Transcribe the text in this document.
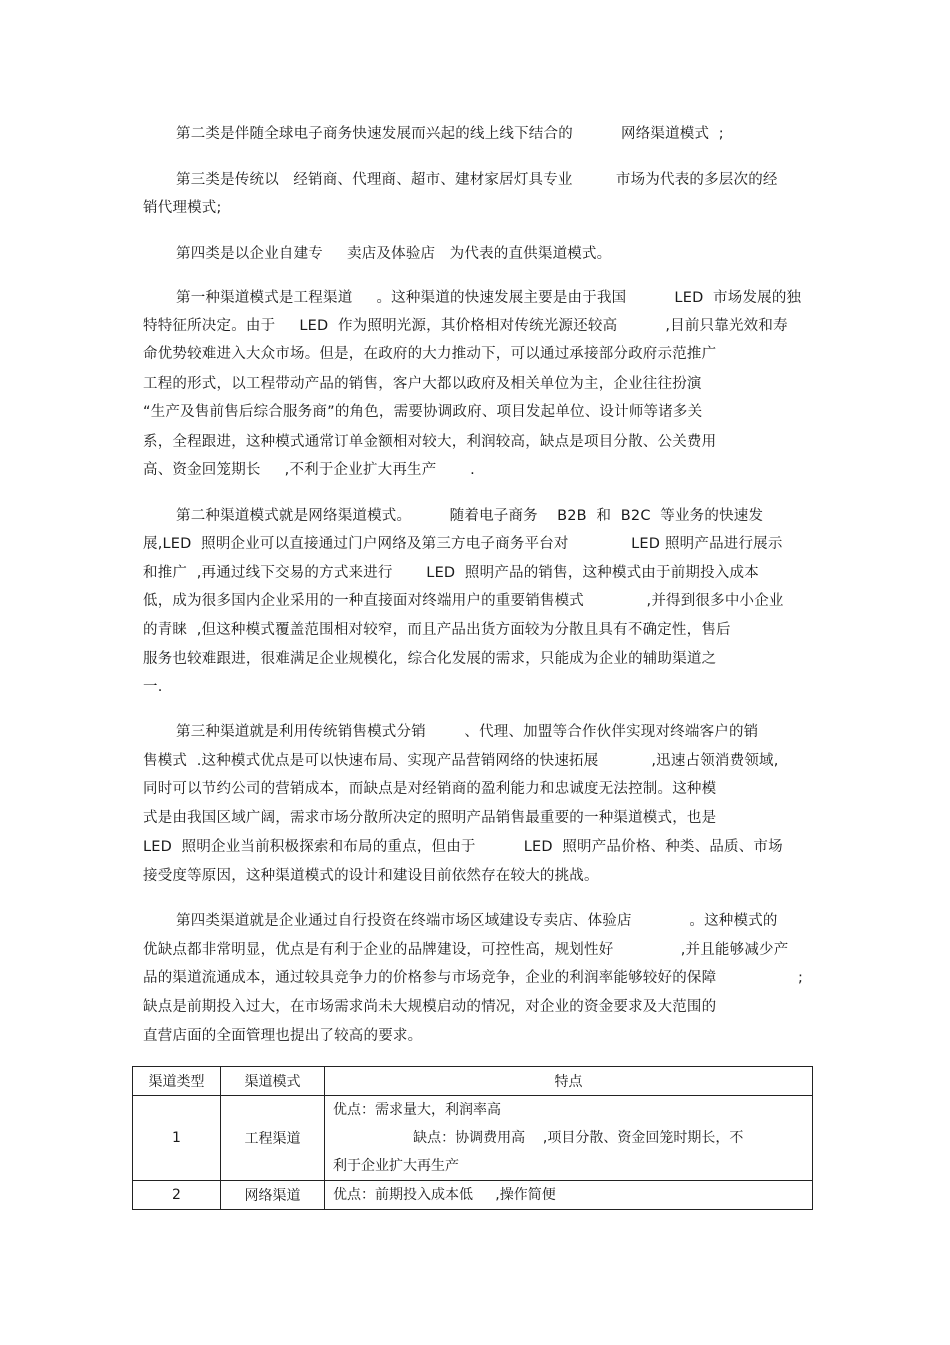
第二类是伴随全球电子商务快速发展而兴起的线上线下结合的          网络渠道模式  ;
第三类是传统以   经销商、代理商、超市、建材家居灯具专业         市场为代表的多层次的经
销代理模式;
第四类是以企业自建专     卖店及体验店   为代表的直供渠道模式。
第一种渠道模式是工程渠道     。这种渠道的快速发展主要是由于我国          LED  市场发展的独
特特征所决定。由于     LED  作为照明光源，其价格相对传统光源还较高          ,目前只靠光效和寿
命优势较难进入大众市场。但是，在政府的大力推动下，可以通过承接部分政府示范推广
工程的形式，以工程带动产品的销售，客户大都以政府及相关单位为主，企业往往扮演
“生产及售前售后综合服务商”的角色，需要协调政府、项目发起单位、设计师等诸多关
系，全程跟进，这种模式通常订单金额相对较大，利润较高，缺点是项目分散、公关费用
高、资金回笼期长     ,不利于企业扩大再生产       .
第二种渠道模式就是网络渠道模式。        随着电子商务    B2B  和  B2C  等业务的快速发
展,LED  照明企业可以直接通过门户网络及第三方电子商务平台对             LED 照明产品进行展示
和推广  ,再通过线下交易的方式来进行       LED  照明产品的销售，这种模式由于前期投入成本
低，成为很多国内企业采用的一种直接面对终端用户的重要销售模式             ,并得到很多中小企业
的青睐  ,但这种模式覆盖范围相对较窄，而且产品出货方面较为分散且具有不确定性，售后
服务也较难跟进，很难满足企业规模化，综合化发展的需求，只能成为企业的辅助渠道之
一.
第三种渠道就是利用传统销售模式分销        、代理、加盟等合作伙伴实现对终端客户的销
售模式  .这种模式优点是可以快速布局、实现产品营销网络的快速拓展           ,迅速占领消费领域,
同时可以节约公司的营销成本，而缺点是对经销商的盈利能力和忠诚度无法控制。这种模
式是由我国区域广阔，需求市场分散所决定的照明产品销售最重要的一种渠道模式，也是
LED  照明企业当前积极探索和布局的重点，但由于          LED  照明产品价格、种类、品质、市场
接受度等原因，这种渠道模式的设计和建设目前依然存在较大的挑战。
第四类渠道就是企业通过自行投资在终端市场区域建设专卖店、体验店            。这种模式的
优缺点都非常明显，优点是有利于企业的品牌建设，可控性高，规划性好              ,并且能够减少产
品的渠道流通成本，通过较具竞争力的价格参与市场竞争，企业的利润率能够较好的保障                 ;
缺点是前期投入过大，在市场需求尚未大规模启动的情况，对企业的资金要求及大范围的
直营店面的全面管理也提出了较高的要求。
渠道类型	渠道模式	特点
1	工程渠道	优点：需求量大，利润率高
缺点：协调费用高    ,项目分散、资金回笼时期长，不
利于企业扩大再生产

2	网络渠道	优点：前期投入成本低     ,操作简便
